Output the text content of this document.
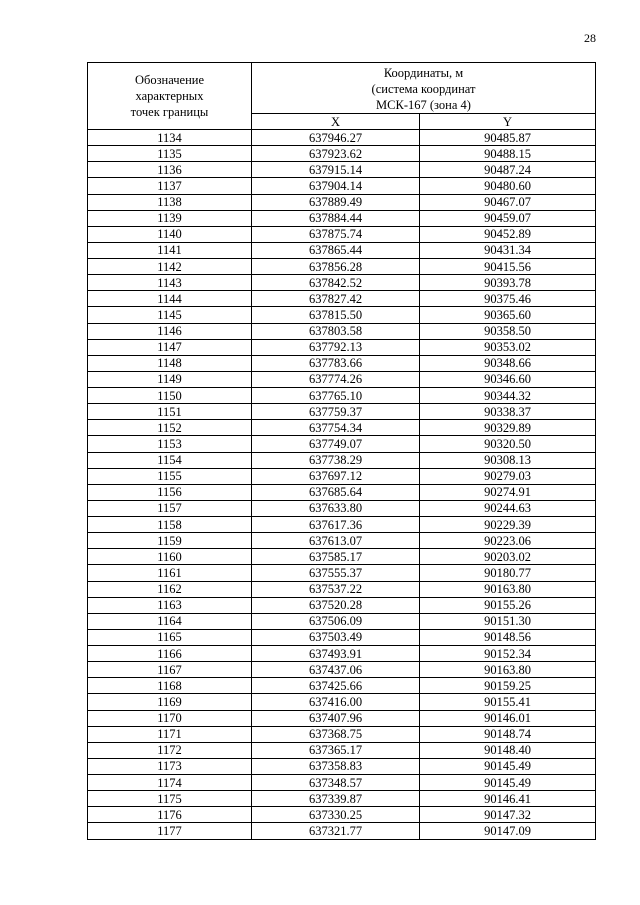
28
Обозначение
характерных
точек границы	Координаты, м
(система координат
МСК-167 (зона 4)	

	X	Y
1134	637946.27	90485.87
1135	637923.62	90488.15
1136	637915.14	90487.24
1137	637904.14	90480.60
1138	637889.49	90467.07
1139	637884.44	90459.07
1140	637875.74	90452.89
1141	637865.44	90431.34
1142	637856.28	90415.56
1143	637842.52	90393.78
1144	637827.42	90375.46
1145	637815.50	90365.60
1146	637803.58	90358.50
1147	637792.13	90353.02
1148	637783.66	90348.66
1149	637774.26	90346.60
1150	637765.10	90344.32
1151	637759.37	90338.37
1152	637754.34	90329.89
1153	637749.07	90320.50
1154	637738.29	90308.13
1155	637697.12	90279.03
1156	637685.64	90274.91
1157	637633.80	90244.63
1158	637617.36	90229.39
1159	637613.07	90223.06
1160	637585.17	90203.02
1161	637555.37	90180.77
1162	637537.22	90163.80
1163	637520.28	90155.26
1164	637506.09	90151.30
1165	637503.49	90148.56
1166	637493.91	90152.34
1167	637437.06	90163.80
1168	637425.66	90159.25
1169	637416.00	90155.41
1170	637407.96	90146.01
1171	637368.75	90148.74
1172	637365.17	90148.40
1173	637358.83	90145.49
1174	637348.57	90145.49
1175	637339.87	90146.41
1176	637330.25	90147.32
1177	637321.77	90147.09
